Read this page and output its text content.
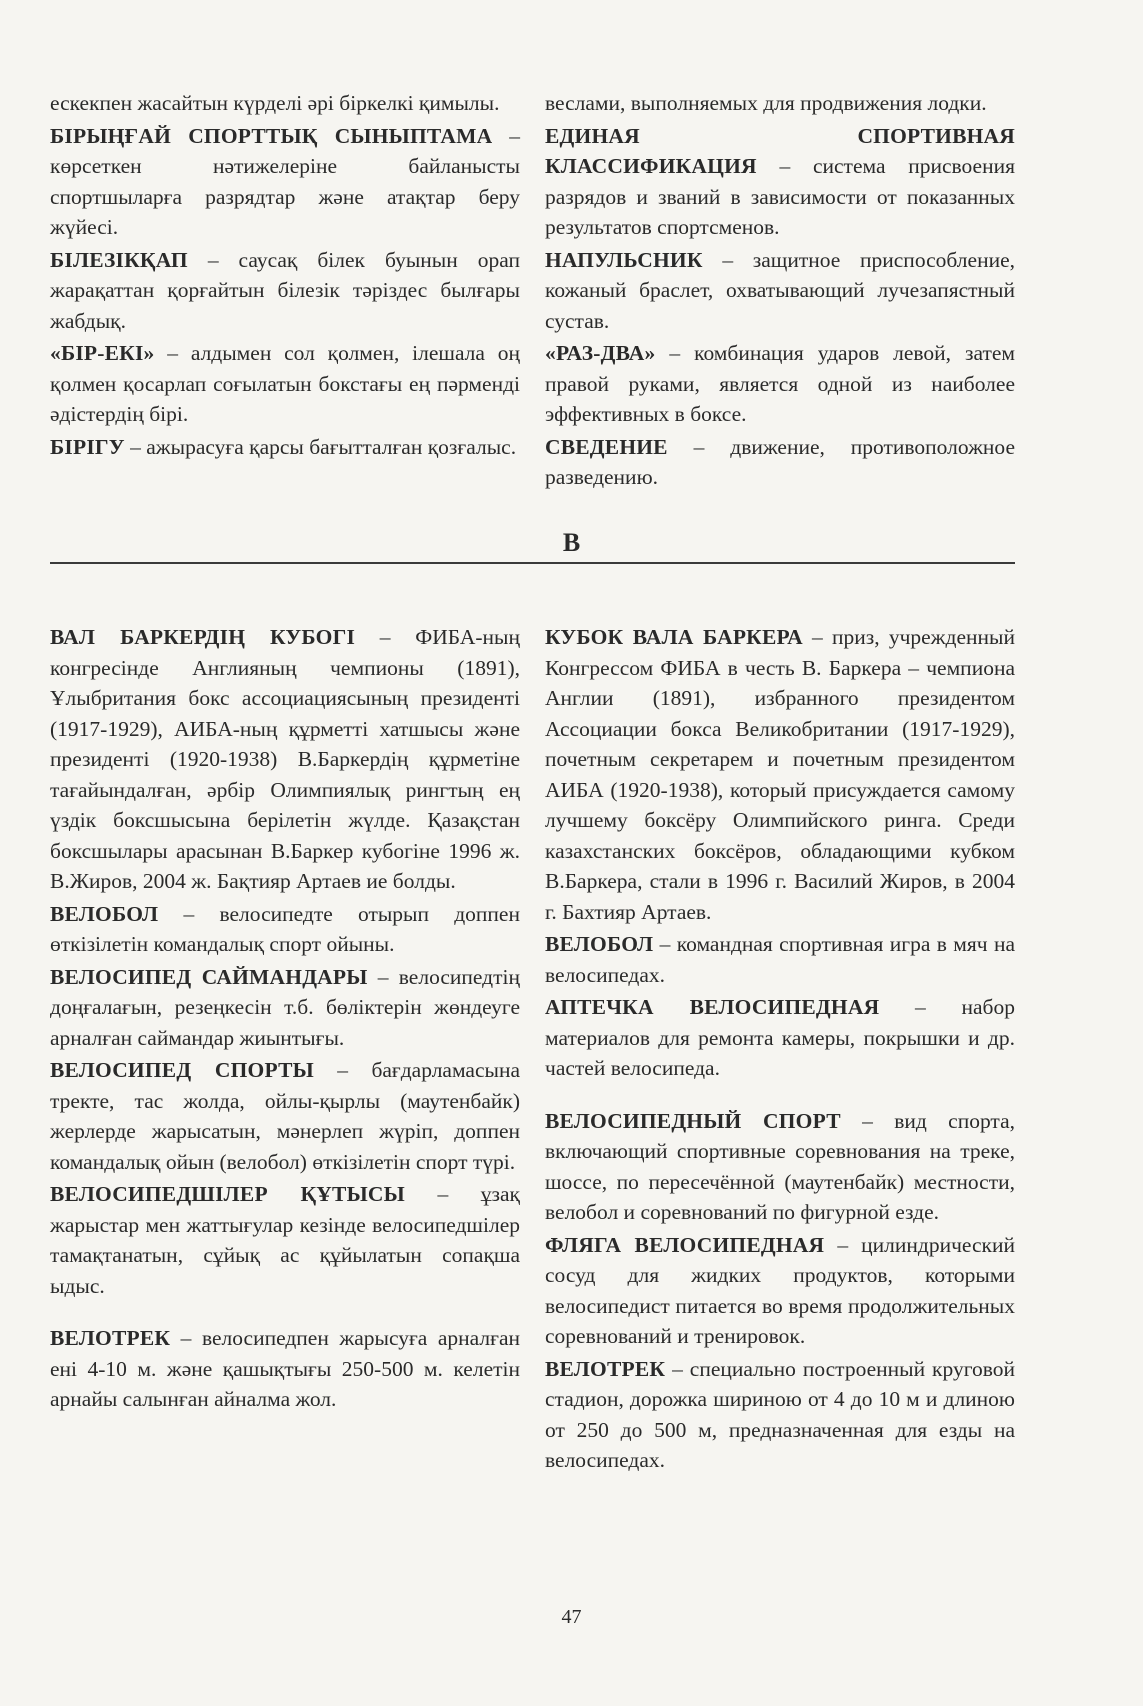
ескекпен жасайтын күрделі әрі біркелкі қимылы.

БІРЫҢҒАЙ СПОРТТЫҚ СЫНЫПТАМА – көрсеткен нәтижелеріне байланысты спортшыларға разрядтар және атақтар беру жүйесі.

БІЛЕЗІКҚАП – саусақ білек буынын орап жарақаттан қорғайтын білезік тәріздес былғары жабдық.

«БІР-ЕКІ» – алдымен сол қолмен, ілешала оң қолмен қосарлап соғылатын бокстағы ең пәрменді әдістердің бірі.

БІРІГУ – ажырасуға қарсы бағытталған қозғалыс.

веслами, выполняемых для продвижения лодки.

ЕДИНАЯ СПОРТИВНАЯ КЛАССИФИКАЦИЯ – система присвоения разрядов и званий в зависимости от показанных результатов спортсменов.

НАПУЛЬСНИК – защитное приспособление, кожаный браслет, охватывающий лучезапястный сустав.

«РАЗ-ДВА» – комбинация ударов левой, затем правой руками, является одной из наиболее эффективных в боксе.

СВЕДЕНИЕ – движение, противоположное разведению.

В

ВАЛ БАРКЕРДІҢ КУБОГІ – ФИБА-ның конгресінде Англияның чемпионы (1891), Ұлыбритания бокс ассоциациясының президенті (1917-1929), АИБА-ның құрметті хатшысы және президенті (1920-1938) В.Баркердің құрметіне тағайындалған, әрбір Олимпиялық рингтың ең үздік боксшысына берілетін жүлде. Қазақстан боксшылары арасынан В.Баркер кубогіне 1996 ж. В.Жиров, 2004 ж. Бақтияр Артаев ие болды.

ВЕЛОБОЛ – велосипедте отырып доппен өткізілетін командалық спорт ойыны.

ВЕЛОСИПЕД САЙМАНДАРЫ – велосипедтің доңғалағын, резеңкесін т.б. бөліктерін жөндеуге арналған саймандар жиынтығы.

ВЕЛОСИПЕД СПОРТЫ – бағдарламасына тректе, тас жолда, ойлы-қырлы (маутенбайк) жерлерде жарысатын, мәнерлеп жүріп, доппен командалық ойын (велобол) өткізілетін спорт түрі.

ВЕЛОСИПЕДШІЛЕР ҚҰТЫСЫ – ұзақ жарыстар мен жаттығулар кезінде велосипедшілер тамақтанатын, сұйық ас құйылатын сопақша ыдыс.

ВЕЛОТРЕК – велосипедпен жарысуға арналған ені 4-10 м. және қашықтығы 250-500 м. келетін арнайы салынған айналма жол.

КУБОК ВАЛА БАРКЕРА – приз, учрежденный Конгрессом ФИБА в честь В. Баркера – чемпиона Англии (1891), избранного президентом Ассоциации бокса Великобритании (1917-1929), почетным секретарем и почетным президентом АИБА (1920-1938), который присуждается самому лучшему боксёру Олимпийского ринга. Среди казахстанских боксёров, обладающими кубком В.Баркера, стали в 1996 г. Василий Жиров, в 2004 г. Бахтияр Артаев.

ВЕЛОБОЛ – командная спортивная игра в мяч на велосипедах.

АПТЕЧКА ВЕЛОСИПЕДНАЯ – набор материалов для ремонта камеры, покрышки и др. частей велосипеда.

ВЕЛОСИПЕДНЫЙ СПОРТ – вид спорта, включающий спортивные соревнования на треке, шоссе, по пересечённой (маутенбайк) местности, велобол и соревнований по фигурной езде.

ФЛЯГА ВЕЛОСИПЕДНАЯ – цилиндрический сосуд для жидких продуктов, которыми велосипедист питается во время продолжительных соревнований и тренировок.

ВЕЛОТРЕК – специально построенный круговой стадион, дорожка шириною от 4 до 10 м и длиною от 250 до 500 м, предназначенная для езды на велосипедах.

47
